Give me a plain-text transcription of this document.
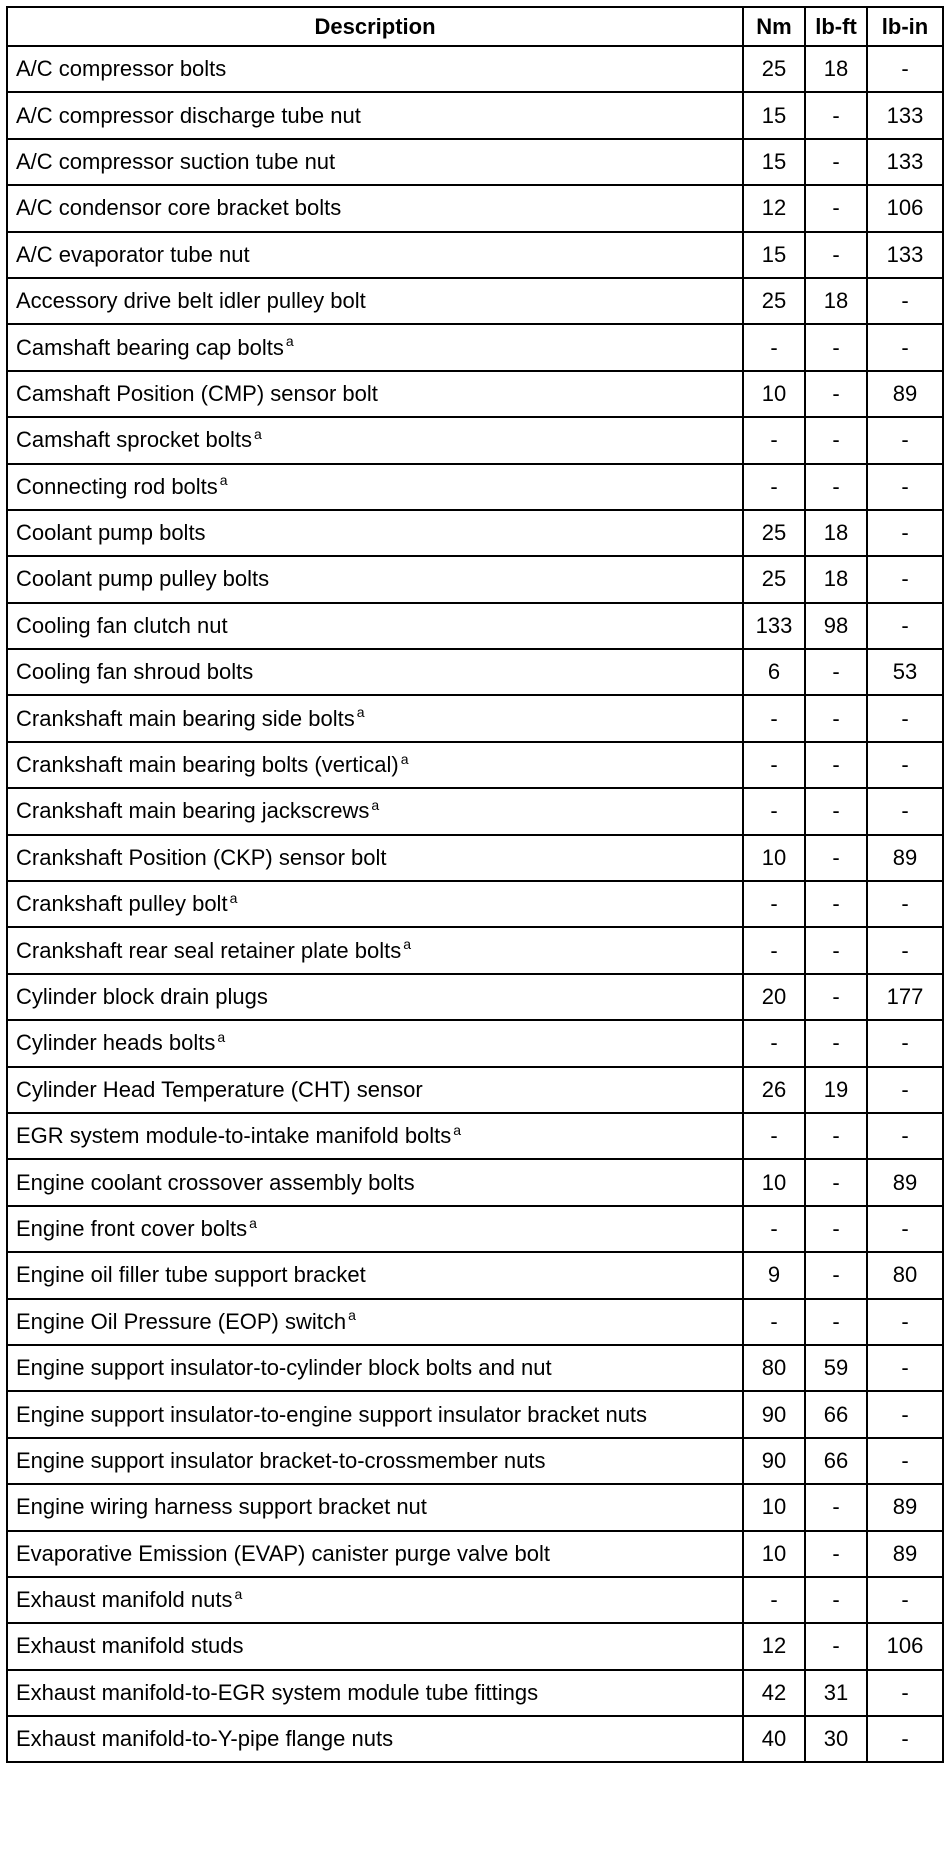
Description	Nm	lb-ft	lb-in
A/C compressor bolts	25	18	-
A/C compressor discharge tube nut	15	-	133
A/C compressor suction tube nut	15	-	133
A/C condensor core bracket bolts	12	-	106
A/C evaporator tube nut	15	-	133
Accessory drive belt idler pulley bolt	25	18	-
Camshaft bearing cap bolts $^a$	-	-	-
Camshaft Position (CMP) sensor bolt	10	-	89
Camshaft sprocket bolts $^a$	-	-	-
Connecting rod bolts $^a$	-	-	-
Coolant pump bolts	25	18	-
Coolant pump pulley bolts	25	18	-
Cooling fan clutch nut	133	98	-
Cooling fan shroud bolts	6	-	53
Crankshaft main bearing side bolts $^a$	-	-	-
Crankshaft main bearing bolts (vertical) $^a$	-	-	-
Crankshaft main bearing jackscrews $^a$	-	-	-
Crankshaft Position (CKP) sensor bolt	10	-	89
Crankshaft pulley bolt $^a$	-	-	-
Crankshaft rear seal retainer plate bolts $^a$	-	-	-
Cylinder block drain plugs	20	-	177
Cylinder heads bolts $^a$	-	-	-
Cylinder Head Temperature (CHT) sensor	26	19	-
EGR system module-to-intake manifold bolts $^a$	-	-	-
Engine coolant crossover assembly bolts	10	-	89
Engine front cover bolts $^a$	-	-	-
Engine oil filler tube support bracket	9	-	80
Engine Oil Pressure (EOP) switch $^a$	-	-	-
Engine support insulator-to-cylinder block bolts and nut	80	59	-
Engine support insulator-to-engine support insulator bracket nuts	90	66	-
Engine support insulator bracket-to-crossmember nuts	90	66	-
Engine wiring harness support bracket nut	10	-	89
Evaporative Emission (EVAP) canister purge valve bolt	10	-	89
Exhaust manifold nuts $^a$	-	-	-
Exhaust manifold studs	12	-	106
Exhaust manifold-to-EGR system module tube fittings	42	31	-
Exhaust manifold-to-Y-pipe flange nuts	40	30	-
